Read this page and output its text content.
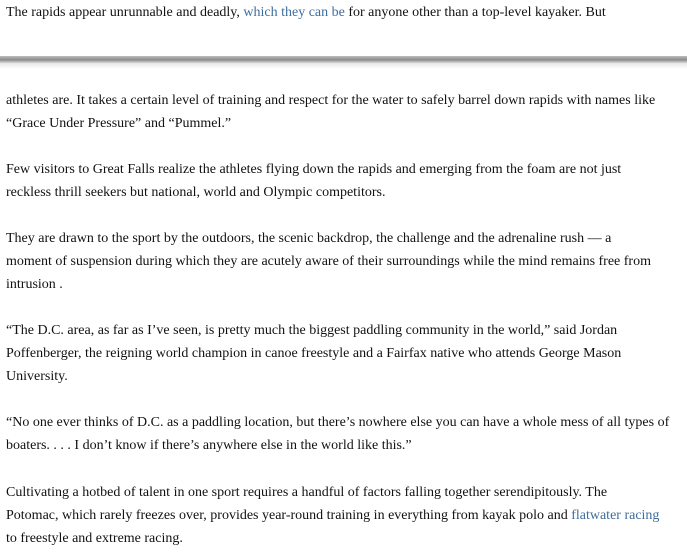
The rapids appear unrunnable and deadly, which they can be for anyone other than a top-level kayaker. But
athletes are. It takes a certain level of training and respect for the water to safely barrel down rapids with names like
“Grace Under Pressure” and “Pummel.”
Few visitors to Great Falls realize the athletes flying down the rapids and emerging from the foam are not just
reckless thrill seekers but national, world and Olympic competitors.
They are drawn to the sport by the outdoors, the scenic backdrop, the challenge and the adrenaline rush — a
moment of suspension during which they are acutely aware of their surroundings while the mind remains free from
intrusion .
“The D.C. area, as far as I’ve seen, is pretty much the biggest paddling community in the world,” said Jordan
Poffenberger, the reigning world champion in canoe freestyle and a Fairfax native who attends George Mason
University.
“No one ever thinks of D.C. as a paddling location, but there’s nowhere else you can have a whole mess of all types of
boaters. . . . I don’t know if there’s anywhere else in the world like this.”
Cultivating a hotbed of talent in one sport requires a handful of factors falling together serendipitously. The
Potomac, which rarely freezes over, provides year-round training in everything from kayak polo and flatwater racing
to freestyle and extreme racing.
